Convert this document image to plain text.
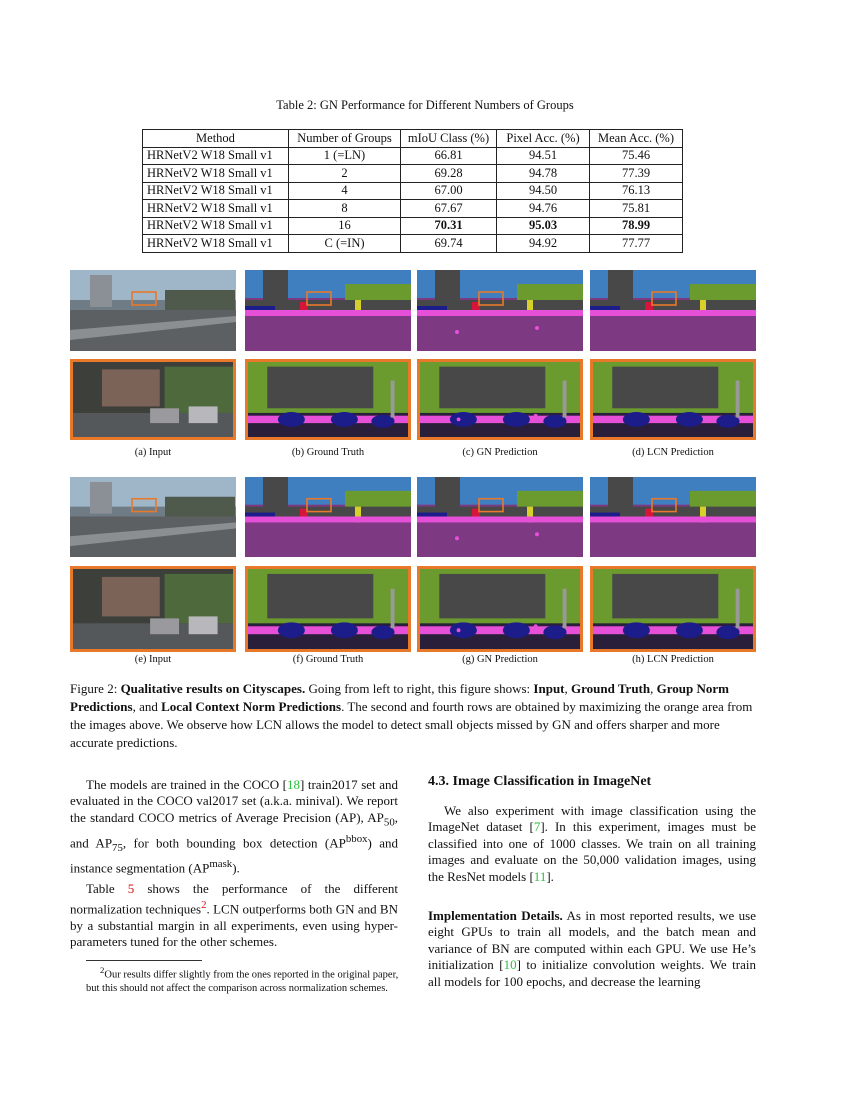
Table 2: GN Performance for Different Numbers of Groups
Method	Number of Groups	mIoU Class (%)	Pixel Acc. (%)	Mean Acc. (%)
HRNetV2 W18 Small v1	1 (=LN)	66.81	94.51	75.46
HRNetV2 W18 Small v1	2	69.28	94.78	77.39
HRNetV2 W18 Small v1	4	67.00	94.50	76.13
HRNetV2 W18 Small v1	8	67.67	94.76	75.81
HRNetV2 W18 Small v1	16	70.31	95.03	78.99
HRNetV2 W18 Small v1	C (=IN)	69.74	94.92	77.77
(a) Input	(b) Ground Truth	(c) GN Prediction	(d) LCN Prediction
(e) Input	(f) Ground Truth	(g) GN Prediction	(h) LCN Prediction
Figure 2: Qualitative results on Cityscapes. Going from left to right, this figure shows: Input, Ground Truth, Group Norm Predictions, and Local Context Norm Predictions. The second and fourth rows are obtained by maximizing the orange area from the images above. We observe how LCN allows the model to detect small objects missed by GN and offers sharper and more accurate predictions.

The models are trained in the COCO [18] train2017 set and evaluated in the COCO val2017 set (a.k.a. minival). We report the standard COCO metrics of Average Precision (AP), $AP_{50}$, and $AP_{75}$, for both bounding box detection $(AP^{bbox})$ and instance segmentation $(AP^{mask})$.

Table 5 shows the performance of the different normalization techniques$^2$. LCN outperforms both GN and BN by a substantial margin in all experiments, even using hyper-parameters tuned for the other schemes.

$^2$Our results differ slightly from the ones reported in the original paper, but this should not affect the comparison across normalization schemes.
4.3. Image Classification in ImageNet

We also experiment with image classification using the ImageNet dataset [7]. In this experiment, images must be classified into one of 1000 classes. We train on all training images and evaluate on the 50,000 validation images, using the ResNet models [11].

Implementation Details. As in most reported results, we use eight GPUs to train all models, and the batch mean and variance of BN are computed within each GPU. We use He’s initialization [10] to initialize convolution weights. We train all models for 100 epochs, and decrease the learning
